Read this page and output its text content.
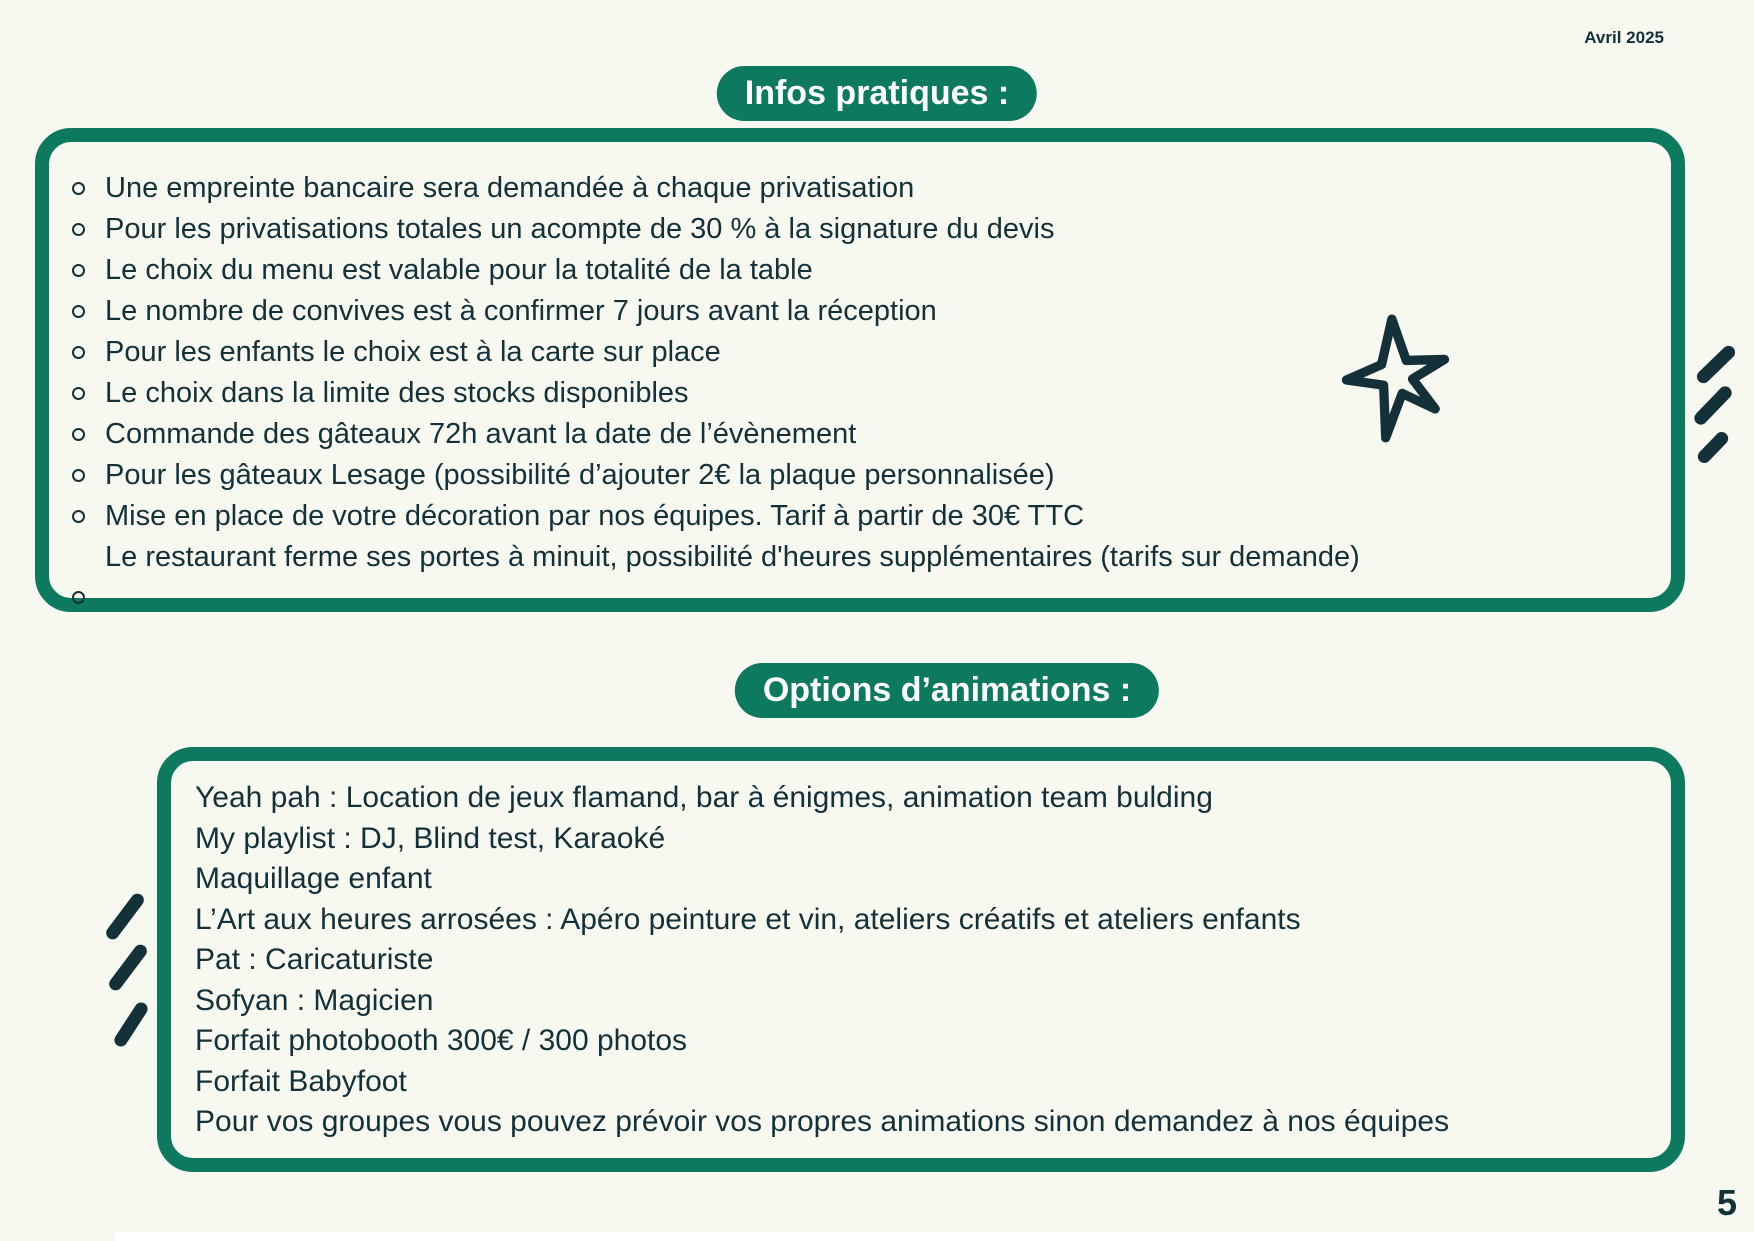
Avril 2025
Infos pratiques :
Une empreinte bancaire sera demandée à chaque privatisation
Pour les privatisations totales un acompte de 30 % à la signature du devis
Le choix du menu est valable pour la totalité de la table
Le nombre de convives est à confirmer 7 jours avant la réception
Pour les enfants le choix est à la carte sur place
Le choix dans la limite des stocks disponibles
Commande des gâteaux 72h avant la date de l’évènement
Pour les gâteaux Lesage (possibilité d’ajouter 2€ la plaque personnalisée)
Mise en place de votre décoration par nos équipes. Tarif à partir de 30€ TTC
Le restaurant ferme ses portes à minuit, possibilité d'heures supplémentaires (tarifs sur demande)
Options d’animations :
Yeah pah : Location de jeux flamand, bar à énigmes, animation team bulding
My playlist : DJ, Blind test, Karaoké
Maquillage enfant
L’Art aux heures arrosées : Apéro peinture et vin, ateliers créatifs et ateliers enfants
Pat : Caricaturiste
Sofyan : Magicien
Forfait photobooth 300€ / 300 photos
Forfait Babyfoot
Pour vos groupes vous pouvez prévoir vos propres animations sinon demandez à nos équipes
5
